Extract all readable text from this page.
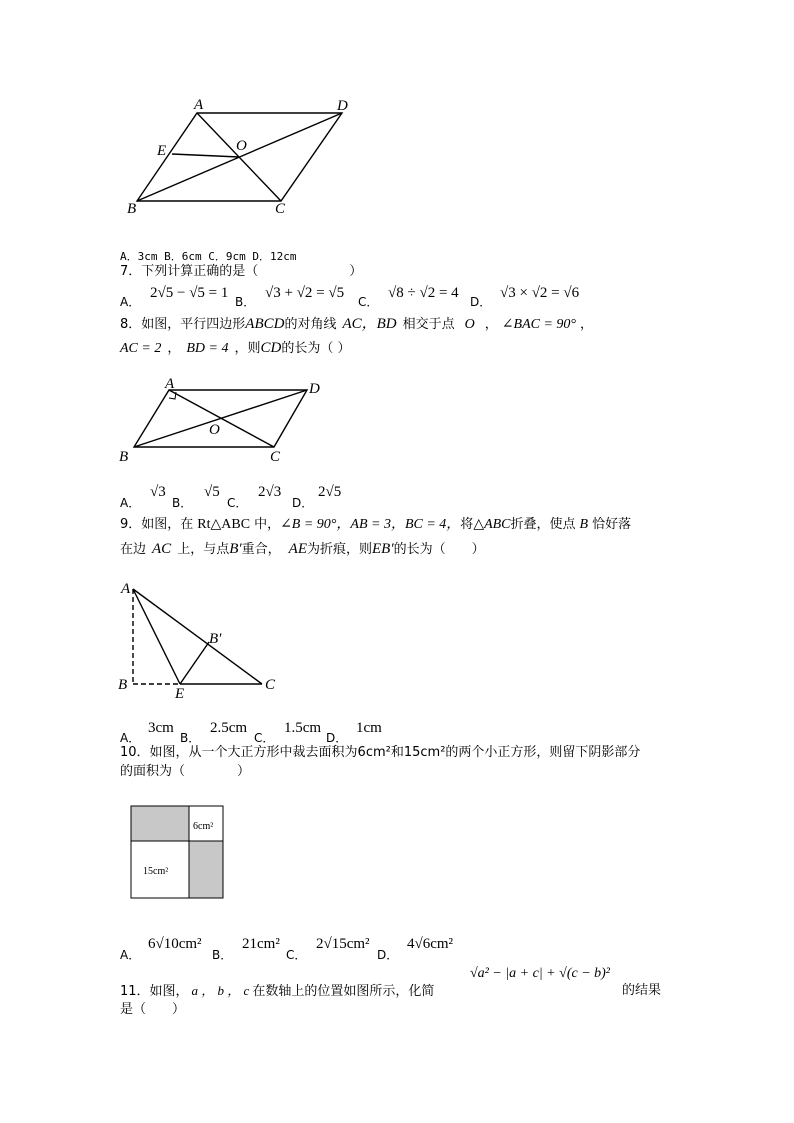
A	D
E	O
B	C
A．3cm B．6cm C．9cm D．12cm
7．下列计算正确的是（　　　　　　　）
A．
2√5 − √5 = 1
B．
√3 + √2 = √5
C．
√8 ÷ √2 = 4
D．
√3 × √2 = √6
8．如图，平行四边形ABCD的对角线 AC，BD 相交于点 O ， ∠BAC = 90° ，
AC = 2 ， BD = 4 ，则CD的长为（ ）
A	D
O
B	C
A．
√3
B．
√5
C．
2√3
D．
2√5
9．如图，在 Rt△ABC 中，∠B = 90°，AB = 3，BC = 4，将△ABC折叠，使点 B 恰好落
在边 AC 上，与点B′重合， AE为折痕，则EB′的长为（　　）
A
B′
B
E
C
A．
3cm
B．
2.5cm
C．
1.5cm
D．
1cm
10．如图，从一个大正方形中裁去面积为6cm²和15cm²的两个小正方形，则留下阴影部分
的面积为（　　　　）
6cm²
15cm²
A．
6√10cm²
B．
21cm²
C．
2√15cm²
D．
4√6cm²
11．如图， a ， b ， c 在数轴上的位置如图所示，化简
√a² − |a + c| + √(c − b)²
的结果
是（　　）
